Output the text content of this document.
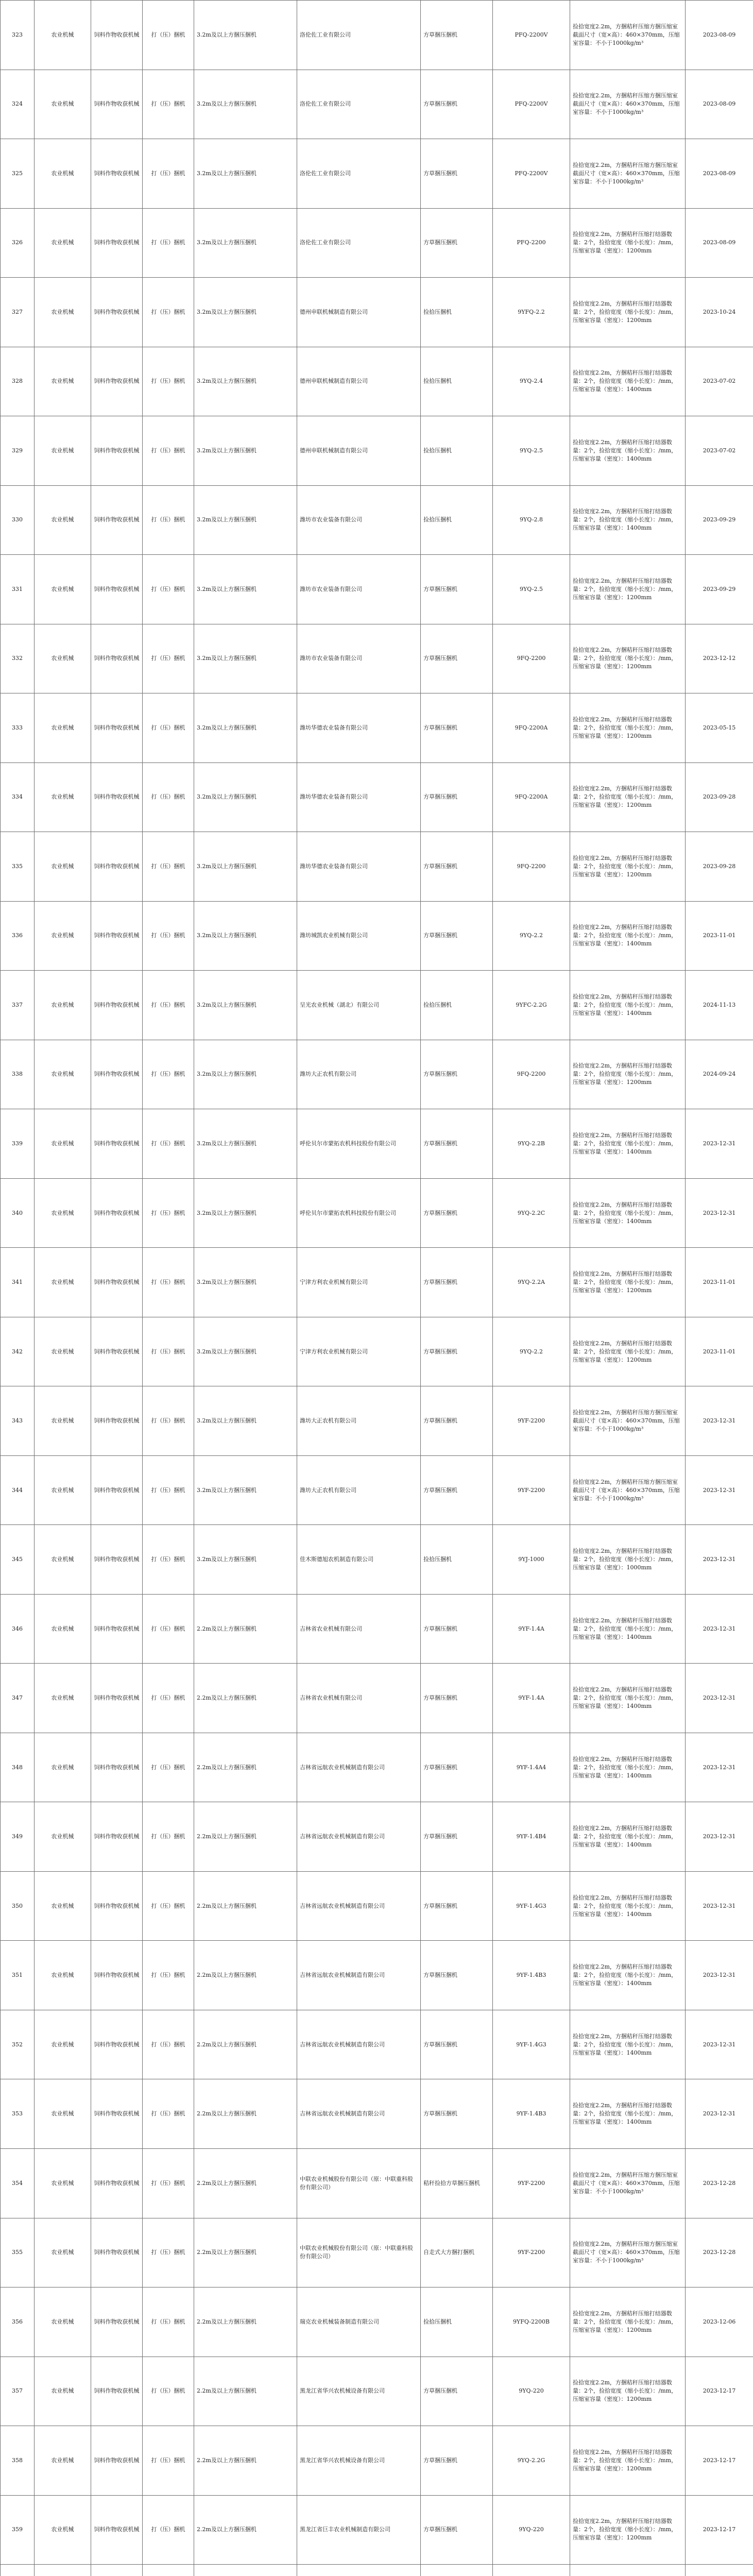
323	农业机械	饲料作物收获机械	打（压）捆机	3.2m及以上方捆压捆机	洛伦佐工业有限公司	方草捆压捆机	PFQ-2200V	捡拾宽度2.2m，方捆秸秆压缩方捆压缩室截面尺寸（宽×高）：460×370mm，压缩室容量：不小于1000kg/m³	2023-08-09
324	农业机械	饲料作物收获机械	打（压）捆机	3.2m及以上方捆压捆机	洛伦佐工业有限公司	方草捆压捆机	PFQ-2200V	捡拾宽度2.2m，方捆秸秆压缩方捆压缩室截面尺寸（宽×高）：460×370mm，压缩室容量：不小于1000kg/m³	2023-08-09
325	农业机械	饲料作物收获机械	打（压）捆机	3.2m及以上方捆压捆机	洛伦佐工业有限公司	方草捆压捆机	PFQ-2200V	捡拾宽度2.2m，方捆秸秆压缩方捆压缩室截面尺寸（宽×高）：460×370mm，压缩室容量：不小于1000kg/m³	2023-08-09
326	农业机械	饲料作物收获机械	打（压）捆机	3.2m及以上方捆压捆机	洛伦佐工业有限公司	方草捆压捆机	PFQ-2200	捡拾宽度2.2m，方捆秸秆压缩打结器数量：2个，捡拾宽度（缩小长度）：/mm，压缩室容量（密度）：1200mm	2023-08-09
327	农业机械	饲料作物收获机械	打（压）捆机	3.2m及以上方捆压捆机	德州申联机械制造有限公司	捡拾压捆机	9YFQ-2.2	捡拾宽度2.2m，方捆秸秆压缩打结器数量：2个，捡拾宽度（缩小长度）：/mm，压缩室容量（密度）：1200mm	2023-10-24
328	农业机械	饲料作物收获机械	打（压）捆机	3.2m及以上方捆压捆机	德州申联机械制造有限公司	捡拾压捆机	9YQ-2.4	捡拾宽度2.2m，方捆秸秆压缩打结器数量：2个，捡拾宽度（缩小长度）：/mm，压缩室容量（密度）：1400mm	2023-07-02
329	农业机械	饲料作物收获机械	打（压）捆机	3.2m及以上方捆压捆机	德州申联机械制造有限公司	捡拾压捆机	9YQ-2.5	捡拾宽度2.2m，方捆秸秆压缩打结器数量：2个，捡拾宽度（缩小长度）：/mm，压缩室容量（密度）：1400mm	2023-07-02
330	农业机械	饲料作物收获机械	打（压）捆机	3.2m及以上方捆压捆机	潍坊市农业装备有限公司	捡拾压捆机	9YQ-2.8	捡拾宽度2.2m，方捆秸秆压缩打结器数量：2个，捡拾宽度（缩小长度）：/mm，压缩室容量（密度）：1400mm	2023-09-29
331	农业机械	饲料作物收获机械	打（压）捆机	3.2m及以上方捆压捆机	潍坊市农业装备有限公司	方草捆压捆机	9YQ-2.5	捡拾宽度2.2m，方捆秸秆压缩打结器数量：2个，捡拾宽度（缩小长度）：/mm，压缩室容量（密度）：1200mm	2023-09-29
332	农业机械	饲料作物收获机械	打（压）捆机	3.2m及以上方捆压捆机	潍坊市农业装备有限公司	方草捆压捆机	9FQ-2200	捡拾宽度2.2m，方捆秸秆压缩打结器数量：2个，捡拾宽度（缩小长度）：/mm，压缩室容量（密度）：1200mm	2023-12-12
333	农业机械	饲料作物收获机械	打（压）捆机	3.2m及以上方捆压捆机	潍坊华德农业装备有限公司	方草捆压捆机	9FQ-2200A	捡拾宽度2.2m，方捆秸秆压缩打结器数量：2个，捡拾宽度（缩小长度）：/mm，压缩室容量（密度）：1200mm	2023-05-15
334	农业机械	饲料作物收获机械	打（压）捆机	3.2m及以上方捆压捆机	潍坊华德农业装备有限公司	方草捆压捆机	9FQ-2200A	捡拾宽度2.2m，方捆秸秆压缩打结器数量：2个，捡拾宽度（缩小长度）：/mm，压缩室容量（密度）：1200mm	2023-09-28
335	农业机械	饲料作物收获机械	打（压）捆机	3.2m及以上方捆压捆机	潍坊华德农业装备有限公司	方草捆压捆机	9FQ-2200	捡拾宽度2.2m，方捆秸秆压缩打结器数量：2个，捡拾宽度（缩小长度）：/mm，压缩室容量（密度）：1200mm	2023-09-28
336	农业机械	饲料作物收获机械	打（压）捆机	3.2m及以上方捆压捆机	潍坊城凯农业机械有限公司	方草捆压捆机	9YQ-2.2	捡拾宽度2.2m，方捆秸秆压缩打结器数量：2个，捡拾宽度（缩小长度）：/mm，压缩室容量（密度）：1400mm	2023-11-01
337	农业机械	饲料作物收获机械	打（压）捆机	3.2m及以上方捆压捆机	呈光农业机械（湖北）有限公司	捡拾压捆机	9YFC-2.2G	捡拾宽度2.2m，方捆秸秆压缩打结器数量：2个，捡拾宽度（缩小长度）：/mm，压缩室容量（密度）：1400mm	2024-11-13
338	农业机械	饲料作物收获机械	打（压）捆机	3.2m及以上方捆压捆机	潍坊大正农机有限公司	方草捆压捆机	9FQ-2200	捡拾宽度2.2m，方捆秸秆压缩打结器数量：2个，捡拾宽度（缩小长度）：/mm，压缩室容量（密度）：1200mm	2024-09-24
339	农业机械	饲料作物收获机械	打（压）捆机	3.2m及以上方捆压捆机	呼伦贝尔市蒙拓农机科技股份有限公司	方草捆压捆机	9YQ-2.2B	捡拾宽度2.2m，方捆秸秆压缩打结器数量：2个，捡拾宽度（缩小长度）：/mm，压缩室容量（密度）：1400mm	2023-12-31
340	农业机械	饲料作物收获机械	打（压）捆机	3.2m及以上方捆压捆机	呼伦贝尔市蒙拓农机科技股份有限公司	方草捆压捆机	9YQ-2.2C	捡拾宽度2.2m，方捆秸秆压缩打结器数量：2个，捡拾宽度（缩小长度）：/mm，压缩室容量（密度）：1400mm	2023-12-31
341	农业机械	饲料作物收获机械	打（压）捆机	3.2m及以上方捆压捆机	宁津方利农业机械有限公司	方草捆压捆机	9YQ-2.2A	捡拾宽度2.2m，方捆秸秆压缩打结器数量：2个，捡拾宽度（缩小长度）：/mm，压缩室容量（密度）：1200mm	2023-11-01
342	农业机械	饲料作物收获机械	打（压）捆机	3.2m及以上方捆压捆机	宁津方利农业机械有限公司	方草捆压捆机	9YQ-2.2	捡拾宽度2.2m，方捆秸秆压缩打结器数量：2个，捡拾宽度（缩小长度）：/mm，压缩室容量（密度）：1200mm	2023-11-01
343	农业机械	饲料作物收获机械	打（压）捆机	3.2m及以上方捆压捆机	潍坊大正农机有限公司	方草捆压捆机	9YF-2200	捡拾宽度2.2m，方捆秸秆压缩方捆压缩室截面尺寸（宽×高）：460×370mm，压缩室容量：不小于1000kg/m³	2023-12-31
344	农业机械	饲料作物收获机械	打（压）捆机	3.2m及以上方捆压捆机	潍坊大正农机有限公司	方草捆压捆机	9YF-2200	捡拾宽度2.2m，方捆秸秆压缩方捆压缩室截面尺寸（宽×高）：460×370mm，压缩室容量：不小于1000kg/m³	2023-12-31
345	农业机械	饲料作物收获机械	打（压）捆机	3.2m及以上方捆压捆机	佳木斯德旭农机制造有限公司	捡拾压捆机	9YJ-1000	捡拾宽度2.2m，方捆秸秆压缩打结器数量：2个，捡拾宽度（缩小长度）：/mm，压缩室容量（密度）：1000mm	2023-12-31
346	农业机械	饲料作物收获机械	打（压）捆机	2.2m及以上方捆压捆机	吉林省农业机械有限公司	方草捆压捆机	9YF-1.4A	捡拾宽度2.2m，方捆秸秆压缩打结器数量：2个，捡拾宽度（缩小长度）：/mm，压缩室容量（密度）：1400mm	2023-12-31
347	农业机械	饲料作物收获机械	打（压）捆机	2.2m及以上方捆压捆机	吉林省农业机械有限公司	方草捆压捆机	9YF-1.4A	捡拾宽度2.2m，方捆秸秆压缩打结器数量：2个，捡拾宽度（缩小长度）：/mm，压缩室容量（密度）：1400mm	2023-12-31
348	农业机械	饲料作物收获机械	打（压）捆机	2.2m及以上方捆压捆机	吉林省远航农业机械制造有限公司	方草捆压捆机	9YF-1.4A4	捡拾宽度2.2m，方捆秸秆压缩打结器数量：2个，捡拾宽度（缩小长度）：/mm，压缩室容量（密度）：1400mm	2023-12-31
349	农业机械	饲料作物收获机械	打（压）捆机	2.2m及以上方捆压捆机	吉林省远航农业机械制造有限公司	方草捆压捆机	9YF-1.4B4	捡拾宽度2.2m，方捆秸秆压缩打结器数量：2个，捡拾宽度（缩小长度）：/mm，压缩室容量（密度）：1400mm	2023-12-31
350	农业机械	饲料作物收获机械	打（压）捆机	2.2m及以上方捆压捆机	吉林省远航农业机械制造有限公司	方草捆压捆机	9YF-1.4G3	捡拾宽度2.2m，方捆秸秆压缩打结器数量：2个，捡拾宽度（缩小长度）：/mm，压缩室容量（密度）：1400mm	2023-12-31
351	农业机械	饲料作物收获机械	打（压）捆机	2.2m及以上方捆压捆机	吉林省远航农业机械制造有限公司	方草捆压捆机	9YF-1.4B3	捡拾宽度2.2m，方捆秸秆压缩打结器数量：2个，捡拾宽度（缩小长度）：/mm，压缩室容量（密度）：1400mm	2023-12-31
352	农业机械	饲料作物收获机械	打（压）捆机	2.2m及以上方捆压捆机	吉林省远航农业机械制造有限公司	方草捆压捆机	9YF-1.4G3	捡拾宽度2.2m，方捆秸秆压缩打结器数量：2个，捡拾宽度（缩小长度）：/mm，压缩室容量（密度）：1400mm	2023-12-31
353	农业机械	饲料作物收获机械	打（压）捆机	2.2m及以上方捆压捆机	吉林省远航农业机械制造有限公司	方草捆压捆机	9YF-1.4B3	捡拾宽度2.2m，方捆秸秆压缩打结器数量：2个，捡拾宽度（缩小长度）：/mm，压缩室容量（密度）：1400mm	2023-12-31
354	农业机械	饲料作物收获机械	打（压）捆机	2.2m及以上方捆压捆机	中联农业机械股份有限公司（原：中联重科股份有限公司）	秸秆捡拾方草捆压捆机	9YF-2200	捡拾宽度2.2m，方捆秸秆压缩方捆压缩室截面尺寸（宽×高）：460×370mm，压缩室容量：不小于1000kg/m³	2023-12-28
355	农业机械	饲料作物收获机械	打（压）捆机	2.2m及以上方捆压捆机	中联农业机械股份有限公司（原：中联重科股份有限公司）	自走式大方捆打捆机	9YF-2200	捡拾宽度2.2m，方捆秸秆压缩方捆压缩室截面尺寸（宽×高）：460×370mm，压缩室容量：不小于1000kg/m³	2023-12-28
356	农业机械	饲料作物收获机械	打（压）捆机	2.2m及以上方捆压捆机	瑞克农业机械装备制造有限公司	捡拾压捆机	9YFQ-2200B	捡拾宽度2.2m，方捆秸秆压缩打结器数量：2个，捡拾宽度（缩小长度）：/mm，压缩室容量（密度）：1200mm	2023-12-06
357	农业机械	饲料作物收获机械	打（压）捆机	2.2m及以上方捆压捆机	黑龙江省华兴农机械设备有限公司	方草捆压捆机	9YQ-220	捡拾宽度2.2m，方捆秸秆压缩打结器数量：2个，捡拾宽度（缩小长度）：/mm，压缩室容量（密度）：1200mm	2023-12-17
358	农业机械	饲料作物收获机械	打（压）捆机	2.2m及以上方捆压捆机	黑龙江省华兴农机械设备有限公司	方草捆压捆机	9YQ-2.2G	捡拾宽度2.2m，方捆秸秆压缩打结器数量：2个，捡拾宽度（缩小长度）：/mm，压缩室容量（密度）：1200mm	2023-12-17
359	农业机械	饲料作物收获机械	打（压）捆机	2.2m及以上方捆压捆机	黑龙江省巨丰农业机械制造有限公司	方草捆压捆机	9YQ-220	捡拾宽度2.2m，方捆秸秆压缩打结器数量：2个，捡拾宽度（缩小长度）：/mm，压缩室容量（密度）：1200mm	2023-12-17
